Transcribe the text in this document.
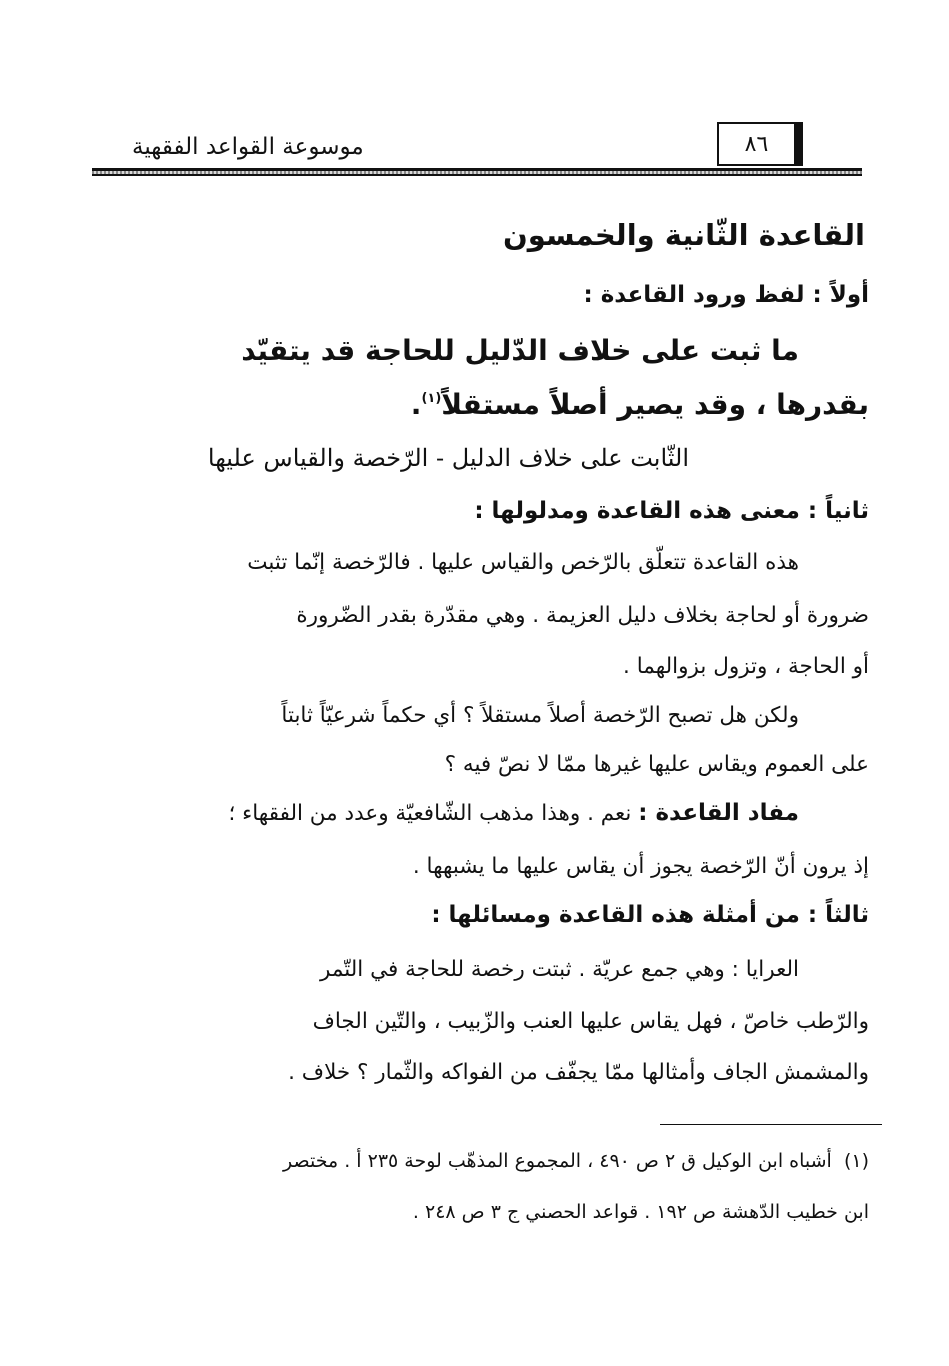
موسوعة القواعد الفقهية	٨٦
القاعدة الثّانية والخمسون
أولاً : لفظ ورود القاعدة :
ما ثبت على خلاف الدّليل للحاجة قد يتقيّد
بقدرها ، وقد يصير أصلاً مستقلاً$^{(١)}$.
الثّابت على خلاف الدليل - الرّخصة والقياس عليها
ثانياً : معنى هذه القاعدة ومدلولها :
هذه القاعدة تتعلّق بالرّخص والقياس عليها . فالرّخصة إنّما تثبت
ضرورة أو لحاجة بخلاف دليل العزيمة . وهي مقدّرة بقدر الضّرورة
أو الحاجة ، وتزول بزوالهما .
ولكن هل تصبح الرّخصة أصلاً مستقلاً ؟ أي حكماً شرعيّاً ثابتاً
على العموم ويقاس عليها غيرها ممّا لا نصّ فيه ؟
مفاد القاعدة : نعم . وهذا مذهب الشّافعيّة وعدد من الفقهاء ؛
إذ يرون أنّ الرّخصة يجوز أن يقاس عليها ما يشبهها .
ثالثاً : من أمثلة هذه القاعدة ومسائلها :
العرايا : وهي جمع عريّة . ثبتت رخصة للحاجة في التّمر
والرّطب خاصّ ، فهل يقاس عليها العنب والزّبيب ، والتّين الجاف
والمشمش الجاف وأمثالها ممّا يجفّف من الفواكه والثّمار ؟ خلاف .
(١)  أشباه ابن الوكيل ق ٢ ص ٤٩٠ ، المجموع المذهّب لوحة ٢٣٥ أ . مختصر
ابن خطيب الدّهشة ص ١٩٢ . قواعد الحصني ج ٣ ص ٢٤٨ .
